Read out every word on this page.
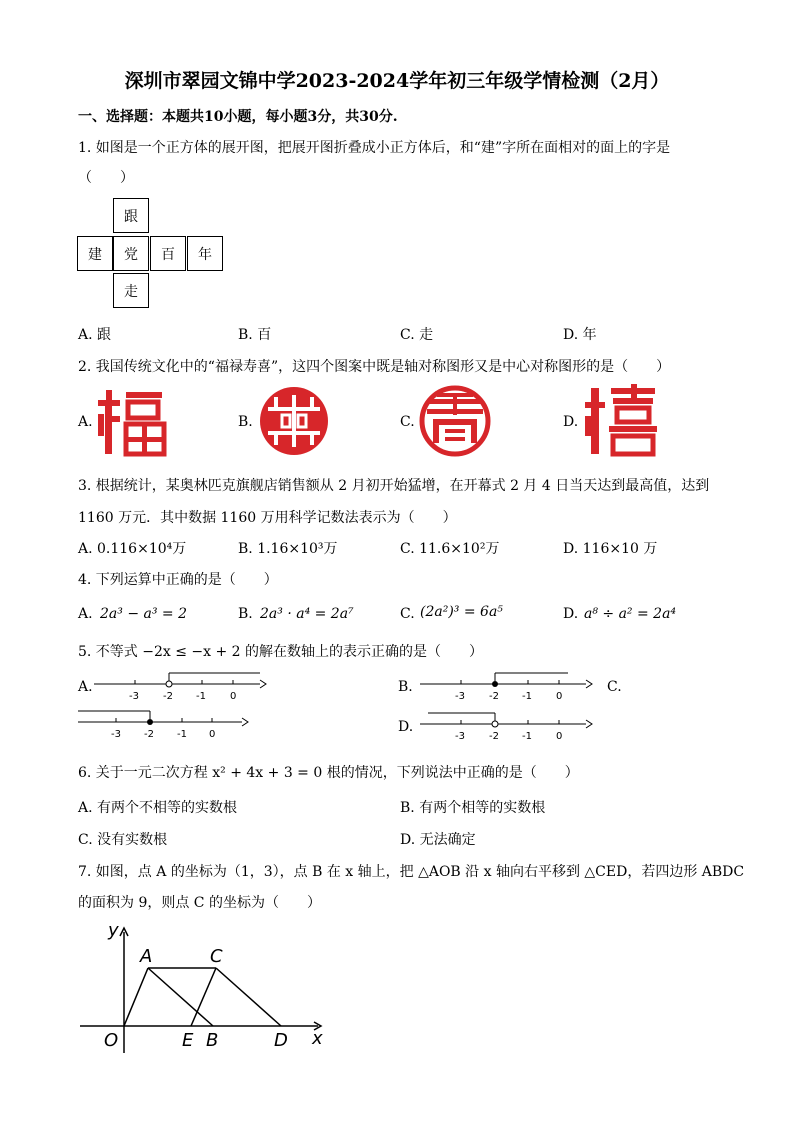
深圳市翠园文锦中学2023-2024学年初三年级学情检测（2月）
一、选择题：本题共10小题，每小题3分，共30分.
1. 如图是一个正方体的展开图，把展开图折叠成小正方体后，和“建”字所在面相对的面上的字是
（　　）
跟
建	党	百	年
走
A. 跟	B. 百	C. 走	D. 年
2. 我国传统文化中的“福禄寿喜”，这四个图案中既是轴对称图形又是中心对称图形的是（　　）
A.	B.	C.	D.
3. 根据统计，某奥林匹克旗舰店销售额从 2 月初开始猛增，在开幕式 2 月 4 日当天达到最高值，达到
1160 万元．其中数据 1160 万用科学记数法表示为（　　）
A. 0.116×10⁴万	B. 1.16×10³万	C. 11.6×10²万	D. 116×10 万
4. 下列运算中正确的是（　　）
A. 2a³ − a³ = 2	B. 2a³ · a⁴ = 2a⁷	C. (2a²)³ = 6a⁵	D. a⁸ ÷ a² = 2a⁴
5. 不等式 −2x ≤ −x + 2 的解在数轴上的表示正确的是（　　）
A.	B.	C.
D.
-3 -2 -1 0	-3 -2 -1 0
-3 -2 -1 0	-3 -2 -1 0
6. 关于一元二次方程 x² + 4x + 3 = 0 根的情况，下列说法中正确的是（　　）
A. 有两个不相等的实数根	B. 有两个相等的实数根
C. 没有实数根	D. 无法确定
7. 如图，点 A 的坐标为（1，3），点 B 在 x 轴上，把 △AOB 沿 x 轴向右平移到 △CED，若四边形 ABDC
的面积为 9，则点 C 的坐标为（　　）
y
x
A	C
O	E B	D
